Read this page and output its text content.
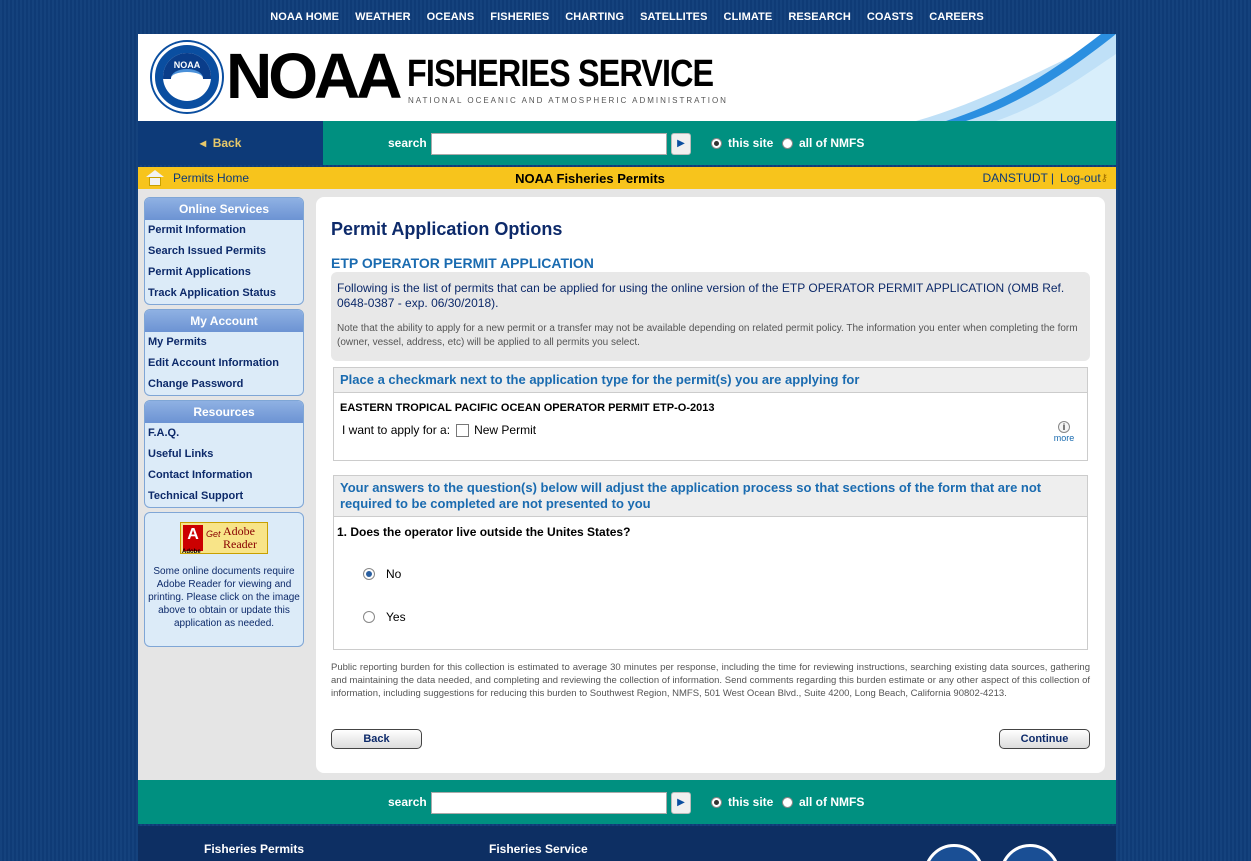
NOAA HOME WEATHER OCEANS FISHERIES CHARTING SATELLITES CLIMATE RESEARCH COASTS CAREERS
NOAA NOAA FISHERIES SERVICE
NATIONAL OCEANIC AND ATMOSPHERIC ADMINISTRATION
◂  Back	search	▶	this site all of NMFS
Permits Home	NOAA Fisheries Permits	DANSTUDT | Log-out ⚷
Online Services
Permit Information
Search Issued Permits
Permit Applications
Track Application Status
My Account
My Permits
Edit Account Information
Change Password
Resources
F.A.Q.
Useful Links
Contact Information
Technical Support
A Get Adobe Reader
Adobe

Some online documents require Adobe Reader for viewing and printing. Please click on the image above to obtain or update this application as needed.

Permit Application Options
ETP OPERATOR PERMIT APPLICATION
Following is the list of permits that can be applied for using the online version of the ETP OPERATOR PERMIT APPLICATION (OMB Ref. 0648-0387 - exp. 06/30/2018).
Note that the ability to apply for a new permit or a transfer may not be available depending on related permit policy. The information you enter when completing the form (owner, vessel, address, etc) will be applied to all permits you select.
Place a checkmark next to the application type for the permit(s) you are applying for
EASTERN TROPICAL PACIFIC OCEAN OPERATOR PERMIT ETP-O-2013
I want to apply for a: New Permit	i
more
Your answers to the question(s) below will adjust the application process so that sections of the form that are not required to be completed are not presented to you
1. Does the operator live outside the Unites States?
No
Yes
Public reporting burden for this collection is estimated to average 30 minutes per response, including the time for reviewing instructions, searching existing data sources, gathering and maintaining the data needed, and completing and reviewing the collection of information. Send comments regarding this burden estimate or any other aspect of this collection of information, including suggestions for reducing this burden to Southwest Region, NMFS, 501 West Ocean Blvd., Suite 4200, Long Beach, California 90802-4213.
Back	Continue
search	▶	this site all of NMFS
Fisheries Permits	Fisheries Service
